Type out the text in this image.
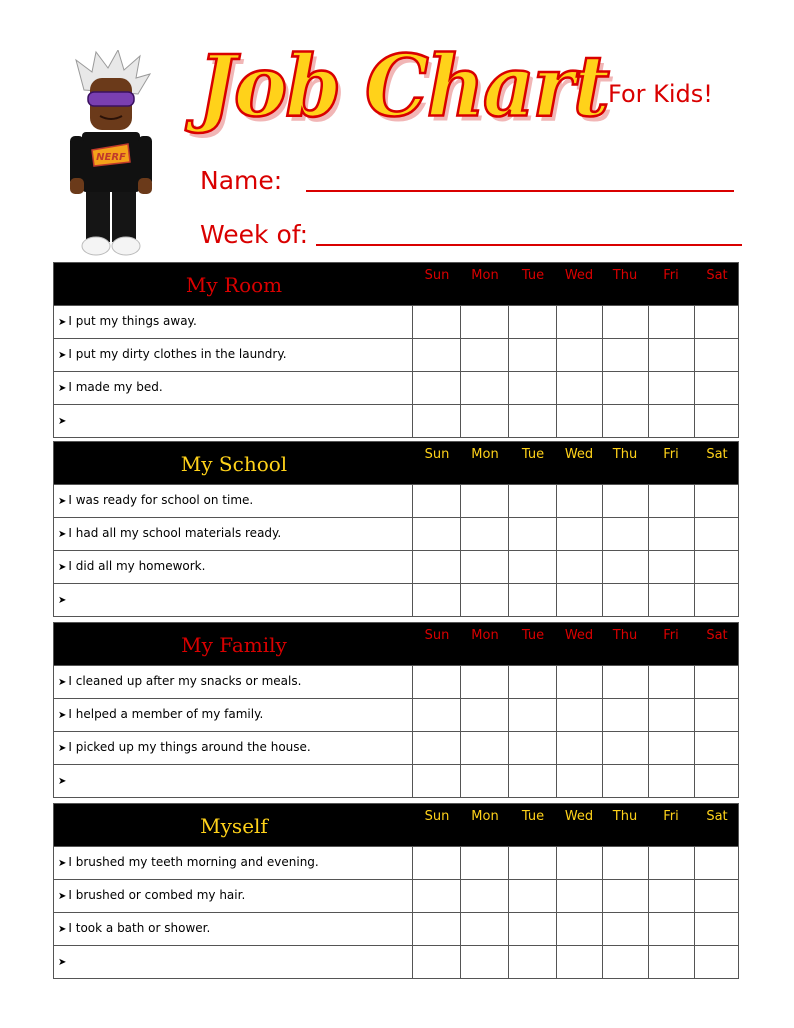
NERF
Job Chart For Kids!
Name:
Week of:
My Room	Sun	Mon	Tue	Wed	Thu	Fri	Sat
➤ I put my things away.
➤ I put my dirty clothes in the laundry.
➤ I made my bed.
➤
My School	Sun	Mon	Tue	Wed	Thu	Fri	Sat
➤ I was ready for school on time.
➤ I had all my school materials ready.
➤ I did all my homework.
➤
My Family	Sun	Mon	Tue	Wed	Thu	Fri	Sat
➤ I cleaned up after my snacks or meals.
➤ I helped a member of my family.
➤ I picked up my things around the house.
➤
Myself	Sun	Mon	Tue	Wed	Thu	Fri	Sat
➤ I brushed my teeth morning and evening.
➤ I brushed or combed my hair.
➤ I took a bath or shower.
➤
